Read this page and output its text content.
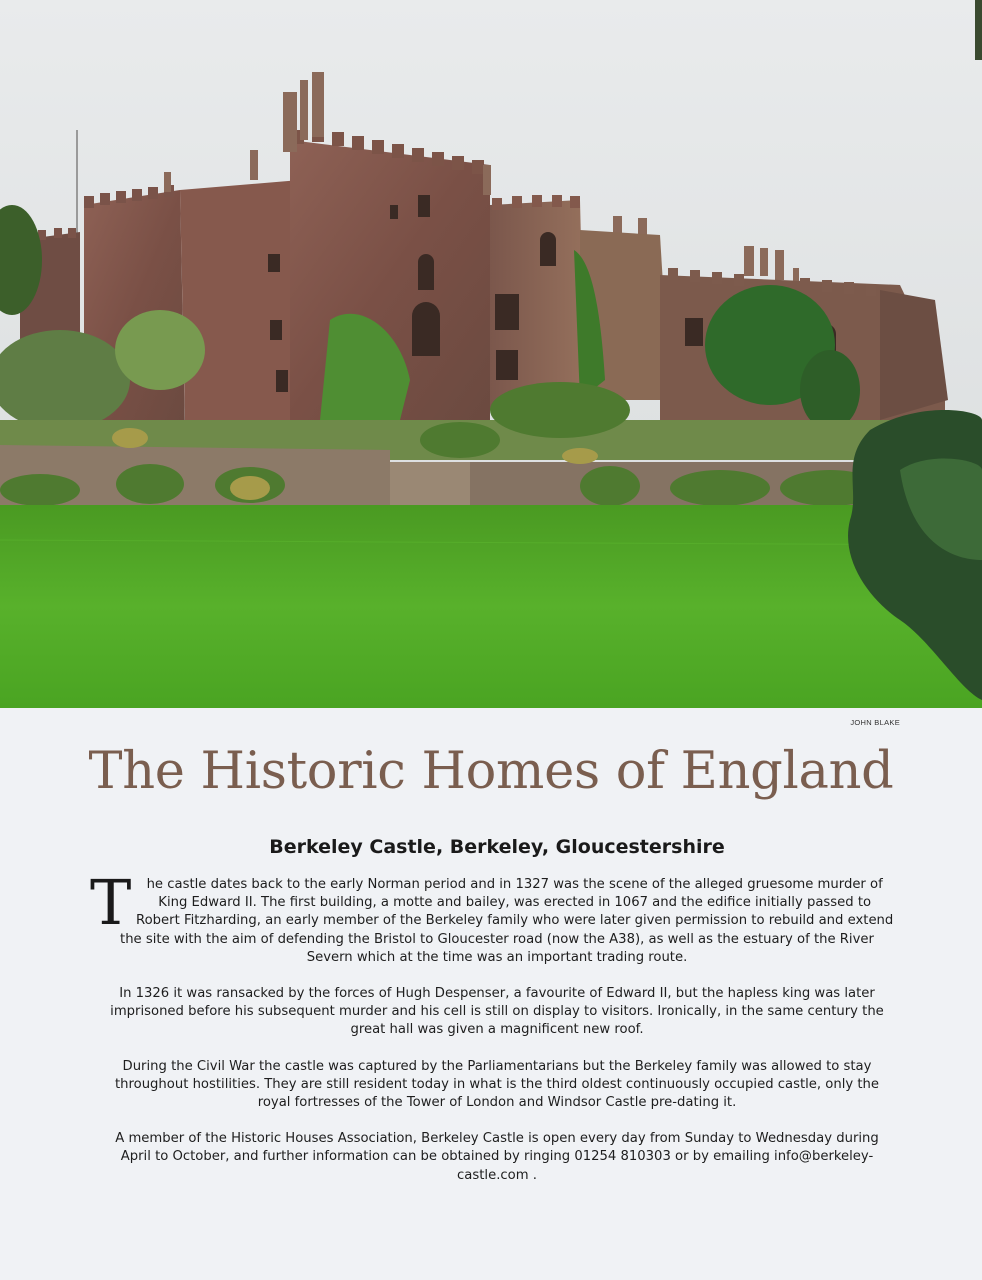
JOHN BLAKE
The Historic Homes of England
Berkeley Castle, Berkeley, Gloucestershire

T he castle dates back to the early Norman period and in 1327 was the scene of the alleged gruesome murder of King Edward II. The first building, a motte and bailey, was erected in 1067 and the edifice initially passed to Robert Fitzharding, an early member of the Berkeley family who were later given permission to rebuild and extend the site with the aim of defending the Bristol to Gloucester road (now the A38), as well as the estuary of the River Severn which at the time was an important trading route.

In 1326 it was ransacked by the forces of Hugh Despenser, a favourite of Edward II, but the hapless king was later imprisoned before his subsequent murder and his cell is still on display to visitors. Ironically, in the same century the great hall was given a magnificent new roof.

During the Civil War the castle was captured by the Parliamentarians but the Berkeley family was allowed to stay throughout hostilities. They are still resident today in what is the third oldest continuously occupied castle, only the royal fortresses of the Tower of London and Windsor Castle pre-dating it.

A member of the Historic Houses Association, Berkeley Castle is open every day from Sunday to Wednesday during April to October, and further information can be obtained by ringing 01254 810303 or by emailing info@berkeley-castle.com .
